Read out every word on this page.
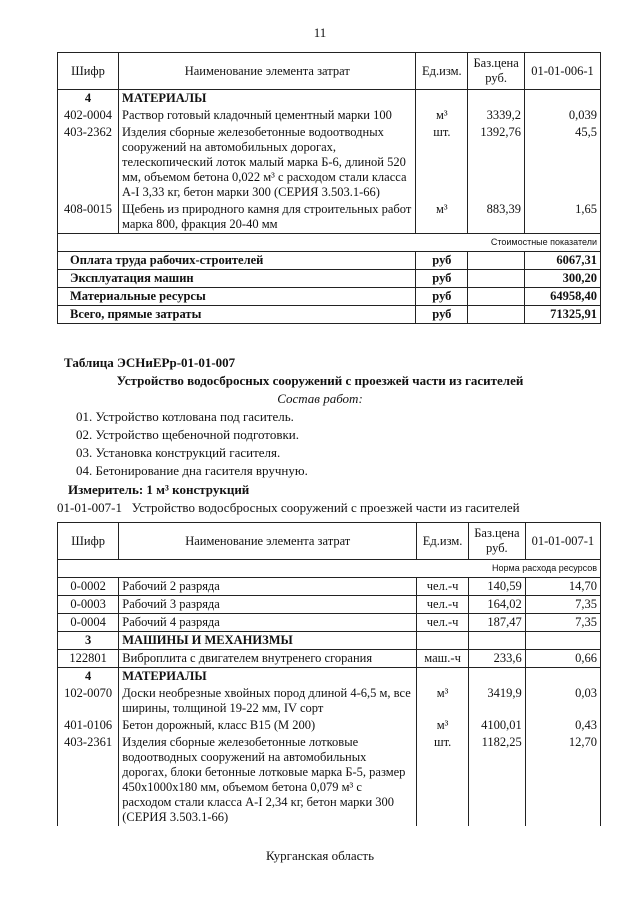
11
Шифр	Наименование элемента затрат	Ед.изм.	Баз.цена руб.	01-01-006-1
4	МАТЕРИАЛЫ			
402-0004	Раствор готовый кладочный цементный марки 100	м³	3339,2	0,039
403-2362	Изделия сборные железобетонные водоотводных сооружений на автомобильных дорогах, телескопический лоток малый марка Б-6, длиной 520 мм, объемом бетона 0,022 м³ с расходом стали класса А-I 3,33 кг, бетон марки 300 (СЕРИЯ 3.503.1-66)	шт.	1392,76	45,5
408-0015	Щебень из природного камня для строительных работ марка 800, фракция 20-40 мм	м³	883,39	1,65
Стоимостные показатели				
Оплата труда рабочих-строителей		руб		6067,31
Эксплуатация машин		руб		300,20
Материальные ресурсы		руб		64958,40
Всего, прямые затраты		руб		71325,91
Таблица ЭСНиЕРр-01-01-007
Устройство водосбросных сооружений с проезжей части из гасителей
Состав работ:
01. Устройство котлована под гаситель.
02. Устройство щебеночной подготовки.
03. Установка конструкций гасителя.
04. Бетонирование дна гасителя вручную.
Измеритель: 1 м³ конструкций
01-01-007-1   Устройство водосбросных сооружений с проезжей части из гасителей
Шифр	Наименование элемента затрат	Ед.изм.	Баз.цена руб.	01-01-007-1
Норма расхода ресурсов				
0-0002	Рабочий 2 разряда	чел.-ч	140,59	14,70
0-0003	Рабочий 3 разряда	чел.-ч	164,02	7,35
0-0004	Рабочий 4 разряда	чел.-ч	187,47	7,35
3	МАШИНЫ И МЕХАНИЗМЫ			
122801	Виброплита с двигателем внутренего сгорания	маш.-ч	233,6	0,66
4	МАТЕРИАЛЫ			
102-0070	Доски необрезные хвойных пород длиной 4-6,5 м, все ширины, толщиной 19-22 мм, IV сорт	м³	3419,9	0,03
401-0106	Бетон дорожный, класс В15 (М 200)	м³	4100,01	0,43
403-2361	Изделия сборные железобетонные лотковые водоотводных сооружений на автомобильных дорогах, блоки бетонные лотковые марка Б-5, размер 450х1000х180 мм, объемом бетона 0,079 м³ с расходом стали класса А-I 2,34 кг, бетон марки 300 (СЕРИЯ 3.503.1-66)	шт.	1182,25	12,70
Курганская область
